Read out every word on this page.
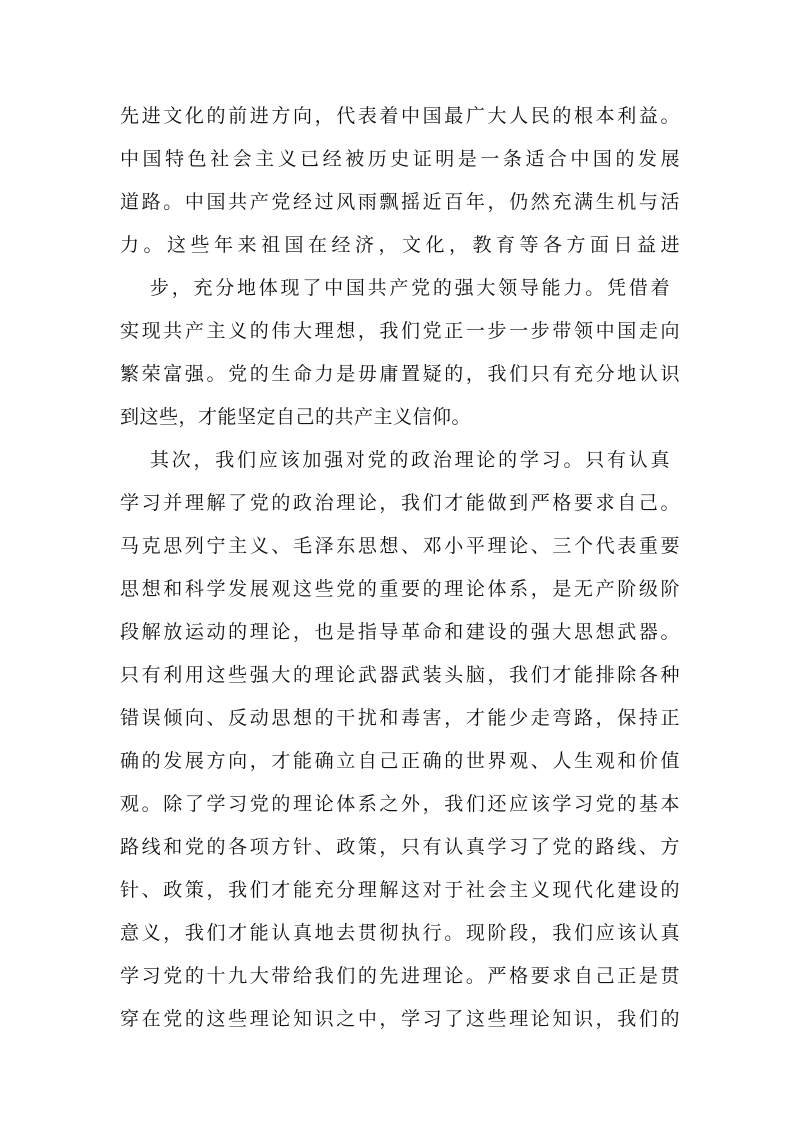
先进文化的前进方向，代表着中国最广大人民的根本利益。
中国特色社会主义已经被历史证明是一条适合中国的发展
道路。中国共产党经过风雨飘摇近百年，仍然充满生机与活
力。这些年来祖国在经济，文化，教育等各方面日益进
步，充分地体现了中国共产党的强大领导能力。凭借着
实现共产主义的伟大理想，我们党正一步一步带领中国走向
繁荣富强。党的生命力是毋庸置疑的，我们只有充分地认识
到这些，才能坚定自己的共产主义信仰。
其次，我们应该加强对党的政治理论的学习。只有认真
学习并理解了党的政治理论，我们才能做到严格要求自己。
马克思列宁主义、毛泽东思想、邓小平理论、三个代表重要
思想和科学发展观这些党的重要的理论体系，是无产阶级阶
段解放运动的理论，也是指导革命和建设的强大思想武器。
只有利用这些强大的理论武器武装头脑，我们才能排除各种
错误倾向、反动思想的干扰和毒害，才能少走弯路，保持正
确的发展方向，才能确立自己正确的世界观、人生观和价值
观。除了学习党的理论体系之外，我们还应该学习党的基本
路线和党的各项方针、政策，只有认真学习了党的路线、方
针、政策，我们才能充分理解这对于社会主义现代化建设的
意义，我们才能认真地去贯彻执行。现阶段，我们应该认真
学习党的十九大带给我们的先进理论。严格要求自己正是贯
穿在党的这些理论知识之中，学习了这些理论知识，我们的
